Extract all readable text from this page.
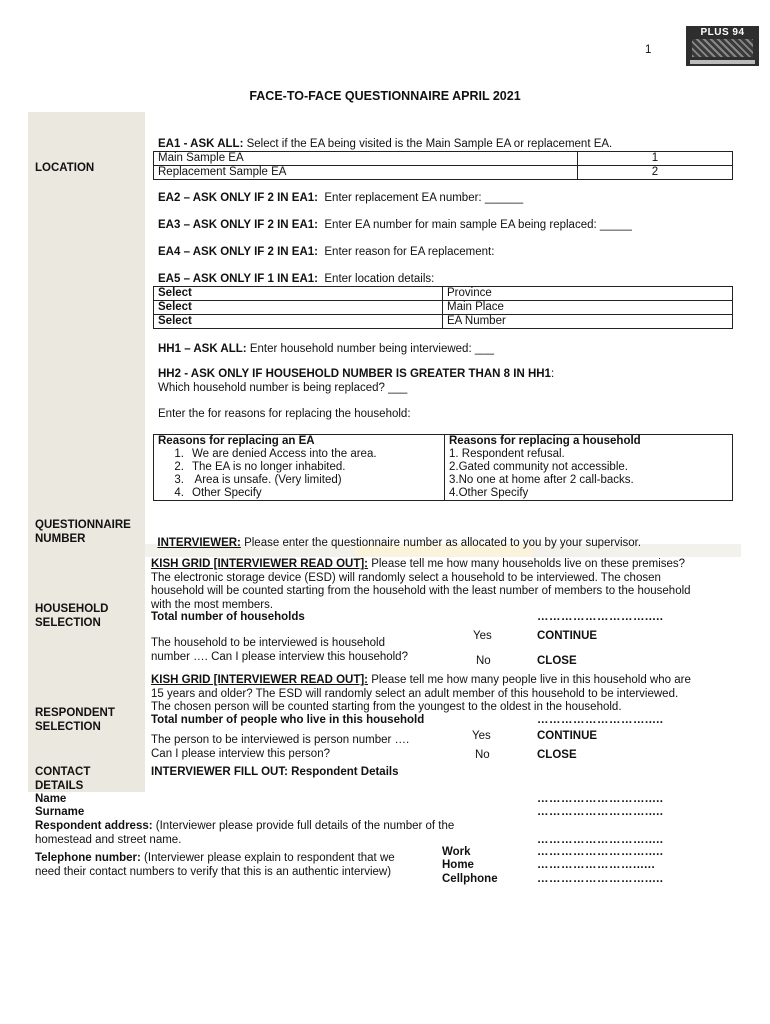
1
PLUS 94
FACE-TO-FACE QUESTIONNAIRE APRIL 2021
LOCATION
QUESTIONNAIRE NUMBER
HOUSEHOLD SELECTION
RESPONDENT SELECTION
CONTACT DETAILS
EA1 - ASK ALL: Select if the EA being visited is the Main Sample EA or replacement EA.
Main Sample EA	1
Replacement Sample EA	2
EA2 – ASK ONLY IF 2 IN EA1: Enter replacement EA number: ______
EA3 – ASK ONLY IF 2 IN EA1: Enter EA number for main sample EA being replaced: _____
EA4 – ASK ONLY IF 2 IN EA1: Enter reason for EA replacement:
EA5 – ASK ONLY IF 1 IN EA1: Enter location details:
Select	Province
Select	Main Place
Select	EA Number
HH1 – ASK ALL: Enter household number being interviewed: ___
HH2 - ASK ONLY IF HOUSEHOLD NUMBER IS GREATER THAN 8 IN HH1:
Which household number is being replaced? ___
Enter the for reasons for replacing the household:
Reasons for replacing an EA	Reasons for replacing a household
1. We are denied Access into the area.	1. Respondent refusal.
2. The EA is no longer inhabited.	2.Gated community not accessible.
3. Area is unsafe. (Very limited)	3.No one at home after 2 call-backs.
4. Other Specify	4.Other Specify

INTERVIEWER: Please enter the questionnaire number as allocated to you by your supervisor.

KISH GRID [INTERVIEWER READ OUT]: Please tell me how many households live on these premises?
The electronic storage device (ESD) will randomly select a household to be interviewed. The chosen
household will be counted starting from the household with the least number of members to the household
with the most members.
Total number of households	……………………….....
The household to be interviewed is household
number …. Can I please interview this household?
Yes	CONTINUE
No	CLOSE
KISH GRID [INTERVIEWER READ OUT]: Please tell me how many people live in this household who are
15 years and older? The ESD will randomly select an adult member of this household to be interviewed.
The chosen person will be counted starting from the youngest to the oldest in the household.
Total number of people who live in this household	……………………….....
The person to be interviewed is person number ….
Can I please interview this person?
Yes	CONTINUE
No	CLOSE
INTERVIEWER FILL OUT: Respondent Details
Name	……………………….....
Surname	……………………….....
Respondent address: (Interviewer please provide full details of the number of the
homestead and street name.	……………………….....
Telephone number: (Interviewer please explain to respondent that we
need their contact numbers to verify that this is an authentic interview)
Work	……………………….....
Home	……………………......
Cellphone	……………………….....
